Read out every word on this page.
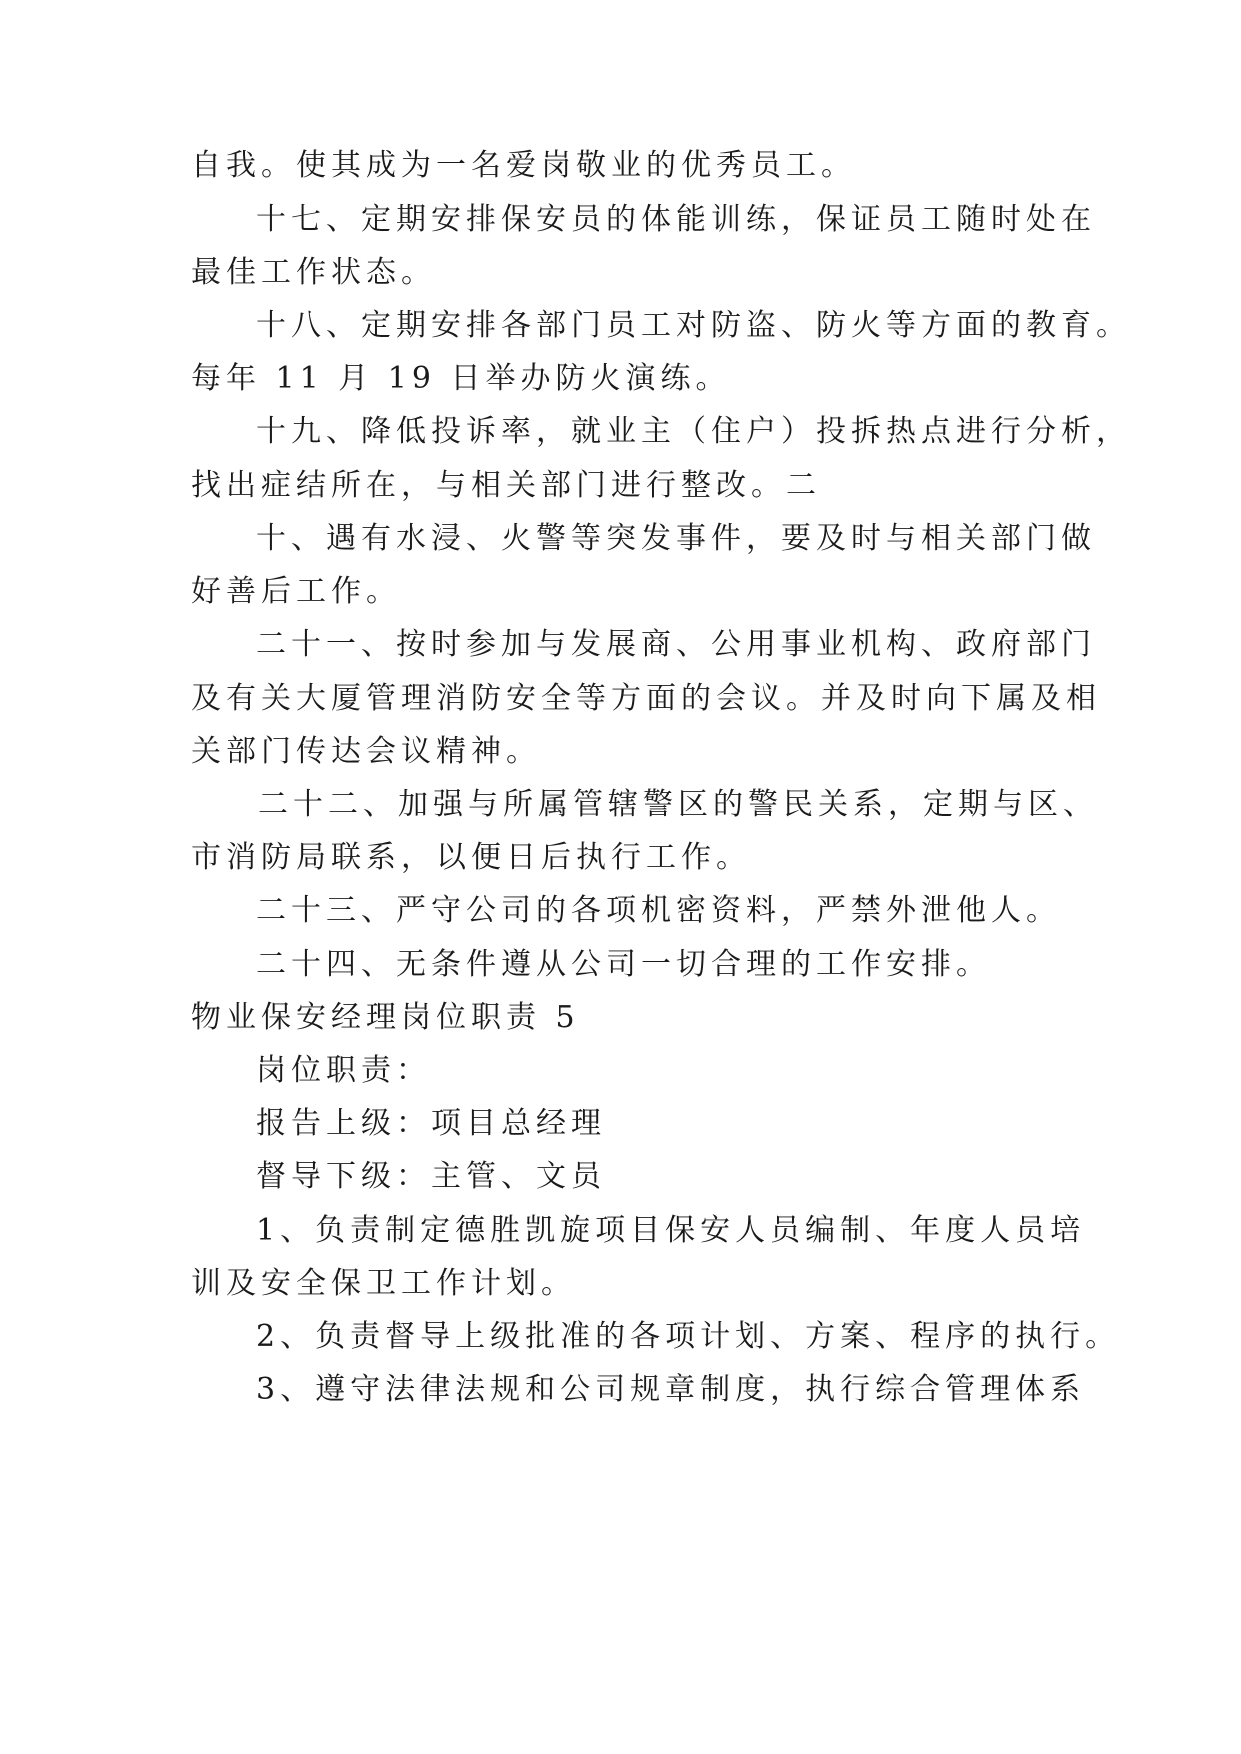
自我。使其成为一名爱岗敬业的优秀员工。
十七、定期安排保安员的体能训练，保证员工随时处在
最佳工作状态。
十八、定期安排各部门员工对防盗、防火等方面的教育。
每年 11 月 19 日举办防火演练。
十九、降低投诉率，就业主（住户）投拆热点进行分析，
找出症结所在，与相关部门进行整改。二
十、遇有水浸、火警等突发事件，要及时与相关部门做
好善后工作。
二十一、按时参加与发展商、公用事业机构、政府部门
及有关大厦管理消防安全等方面的会议。并及时向下属及相
关部门传达会议精神。
二十二、加强与所属管辖警区的警民关系，定期与区、
市消防局联系，以便日后执行工作。
二十三、严守公司的各项机密资料，严禁外泄他人。
二十四、无条件遵从公司一切合理的工作安排。
物业保安经理岗位职责 5
岗位职责：
报告上级：项目总经理
督导下级：主管、文员
1、负责制定德胜凯旋项目保安人员编制、年度人员培
训及安全保卫工作计划。
2、负责督导上级批准的各项计划、方案、程序的执行。
3、遵守法律法规和公司规章制度，执行综合管理体系
